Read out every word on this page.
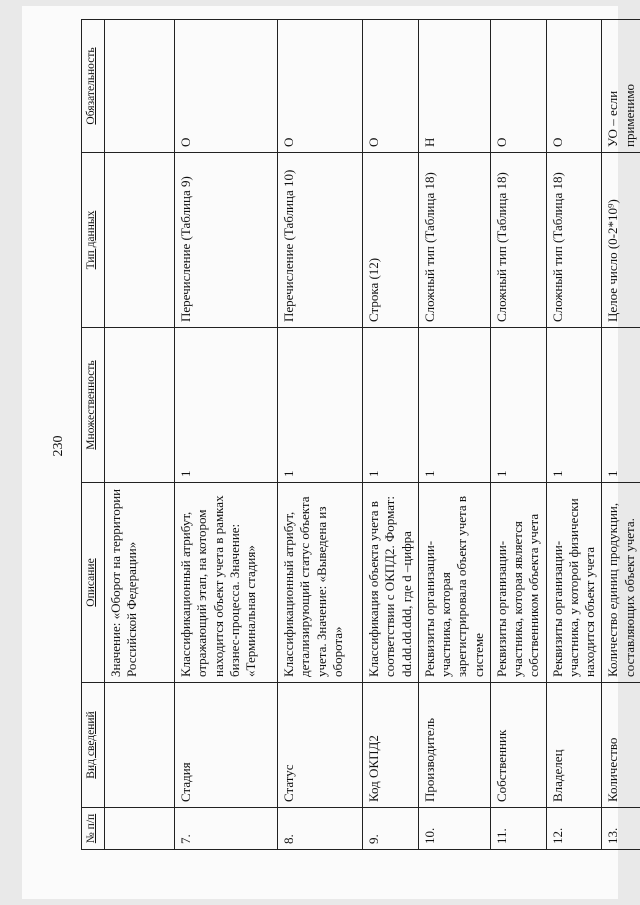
230
№ п/п	Вид сведений	Описание	Множественность	Тип данных	Обязательность
		Значение: «Оборот на территории Российской Федерации»			
7.	Стадия	Классификационный атрибут, отражающий этап, на котором находится объект учета в рамках бизнес-процесса. Значение: «Терминальная стадия»	1	Перечисление (Таблица 9)	О
8.	Статус	Классификационный атрибут, детализирующий статус объекта учета. Значение: «Выведена из оборота»	1	Перечисление (Таблица 10)	О
9.	Код ОКПД2	Классификация объекта учета в соответствии с ОКПД2. Формат: dd.dd.dd.ddd, где d –цифра	1	Строка (12)	О
10.	Производитель	Реквизиты организации-участника, которая зарегистрировала объект учета в системе	1	Сложный тип (Таблица 18)	Н
11.	Собственник	Реквизиты организации-участника, которая является собственником объекта учета	1	Сложный тип (Таблица 18)	О
12.	Владелец	Реквизиты организации-участника, у которой физически находится объект учета	1	Сложный тип (Таблица 18)	О
13.	Количество	Количество единиц продукции, составляющих объект учета.	1	Целое число (0-2*10⁹)	УО – если применимо
